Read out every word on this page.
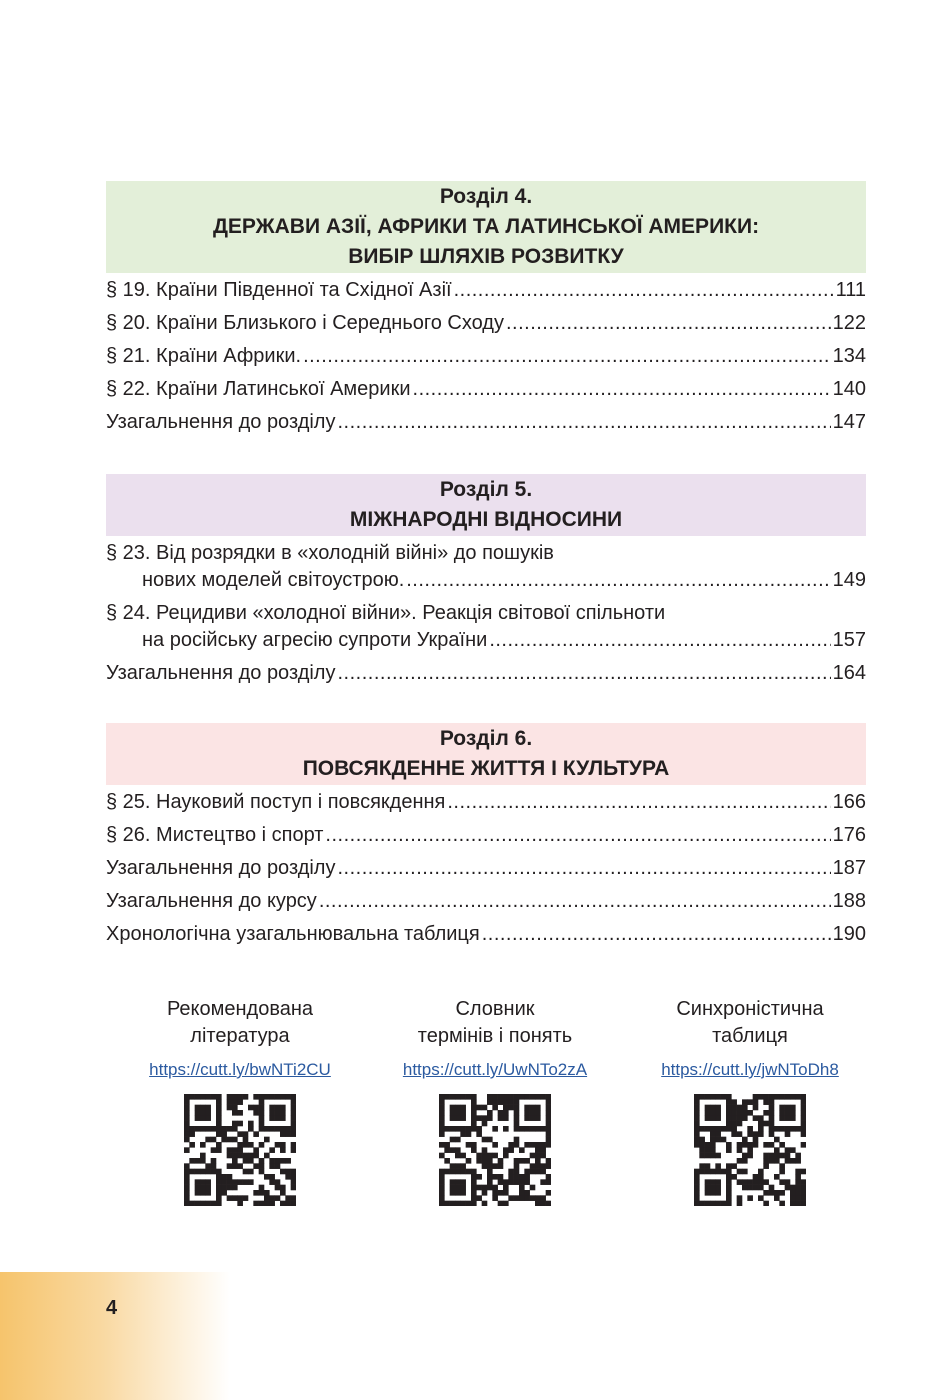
Розділ 4.
ДЕРЖАВИ АЗІЇ, АФРИКИ ТА ЛАТИНСЬКОЇ АМЕРИКИ:
ВИБІР ШЛЯХІВ РОЗВИТКУ
§ 19. Країни Південної та Східної Азії .....	111
§ 20. Країни Близького і Середнього Сходу .....	122
§ 21. Країни Африки. .....	134
§ 22. Країни Латинської Америки .....	140
Узагальнення до розділу .....	147
Розділ 5.
МІЖНАРОДНІ ВІДНОСИНИ
§ 23. Від розрядки в «холодній війні» до пошуків
нових моделей світоустрою. .....	149
§ 24. Рецидиви «холодної війни». Реакція світової спільноти
на російську агресію супроти України .....	157
Узагальнення до розділу .....	164
Розділ 6.
ПОВСЯКДЕННЕ ЖИТТЯ І КУЛЬТУРА
§ 25. Науковий поступ і повсякдення .....	166
§ 26. Мистецтво і спорт .....	176
Узагальнення до розділу .....	187
Узагальнення до курсу .....	188
Хронологічна узагальнювальна таблиця .....	190
Рекомендована
література
https://cutt.ly/bwNTi2CU
Словник
термінів і понять
https://cutt.ly/UwNTo2zA
Синхроністична
таблиця
https://cutt.ly/jwNToDh8
4
